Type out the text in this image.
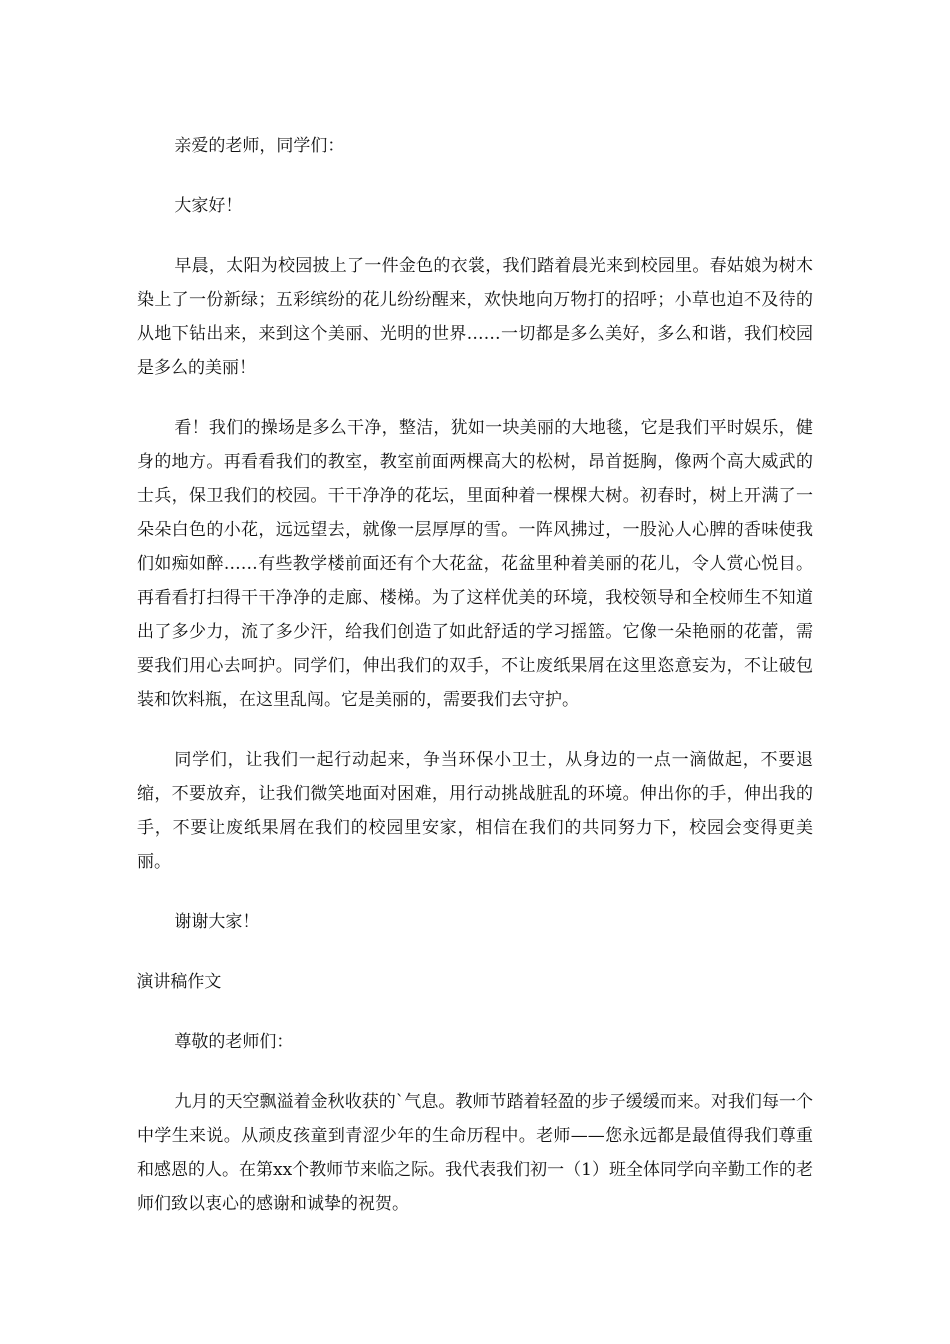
亲爱的老师，同学们：

大家好！

早晨，太阳为校园披上了一件金色的衣裳，我们踏着晨光来到校园里。春姑娘为树木染上了一份新绿；五彩缤纷的花儿纷纷醒来，欢快地向万物打的招呼；小草也迫不及待的从地下钻出来，来到这个美丽、光明的世界……一切都是多么美好，多么和谐，我们校园是多么的美丽！

看！我们的操场是多么干净，整洁，犹如一块美丽的大地毯，它是我们平时娱乐，健身的地方。再看看我们的教室，教室前面两棵高大的松树，昂首挺胸，像两个高大威武的士兵，保卫我们的校园。干干净净的花坛，里面种着一棵棵大树。初春时，树上开满了一朵朵白色的小花，远远望去，就像一层厚厚的雪。一阵风拂过，一股沁人心脾的香味使我们如痴如醉……有些教学楼前面还有个大花盆，花盆里种着美丽的花儿，令人赏心悦目。再看看打扫得干干净净的走廊、楼梯。为了这样优美的环境，我校领导和全校师生不知道出了多少力，流了多少汗，给我们创造了如此舒适的学习摇篮。它像一朵艳丽的花蕾，需要我们用心去呵护。同学们，伸出我们的双手，不让废纸果屑在这里恣意妄为，不让破包装和饮料瓶，在这里乱闯。它是美丽的，需要我们去守护。

同学们，让我们一起行动起来，争当环保小卫士，从身边的一点一滴做起，不要退缩，不要放弃，让我们微笑地面对困难，用行动挑战脏乱的环境。伸出你的手，伸出我的手，不要让废纸果屑在我们的校园里安家，相信在我们的共同努力下，校园会变得更美丽。

谢谢大家！

演讲稿作文

尊敬的老师们：

九月的天空飘溢着金秋收获的`气息。教师节踏着轻盈的步子缓缓而来。对我们每一个中学生来说。从顽皮孩童到青涩少年的生命历程中。老师——您永远都是最值得我们尊重和感恩的人。在第xx个教师节来临之际。我代表我们初一（1）班全体同学向辛勤工作的老师们致以衷心的感谢和诚挚的祝贺。
